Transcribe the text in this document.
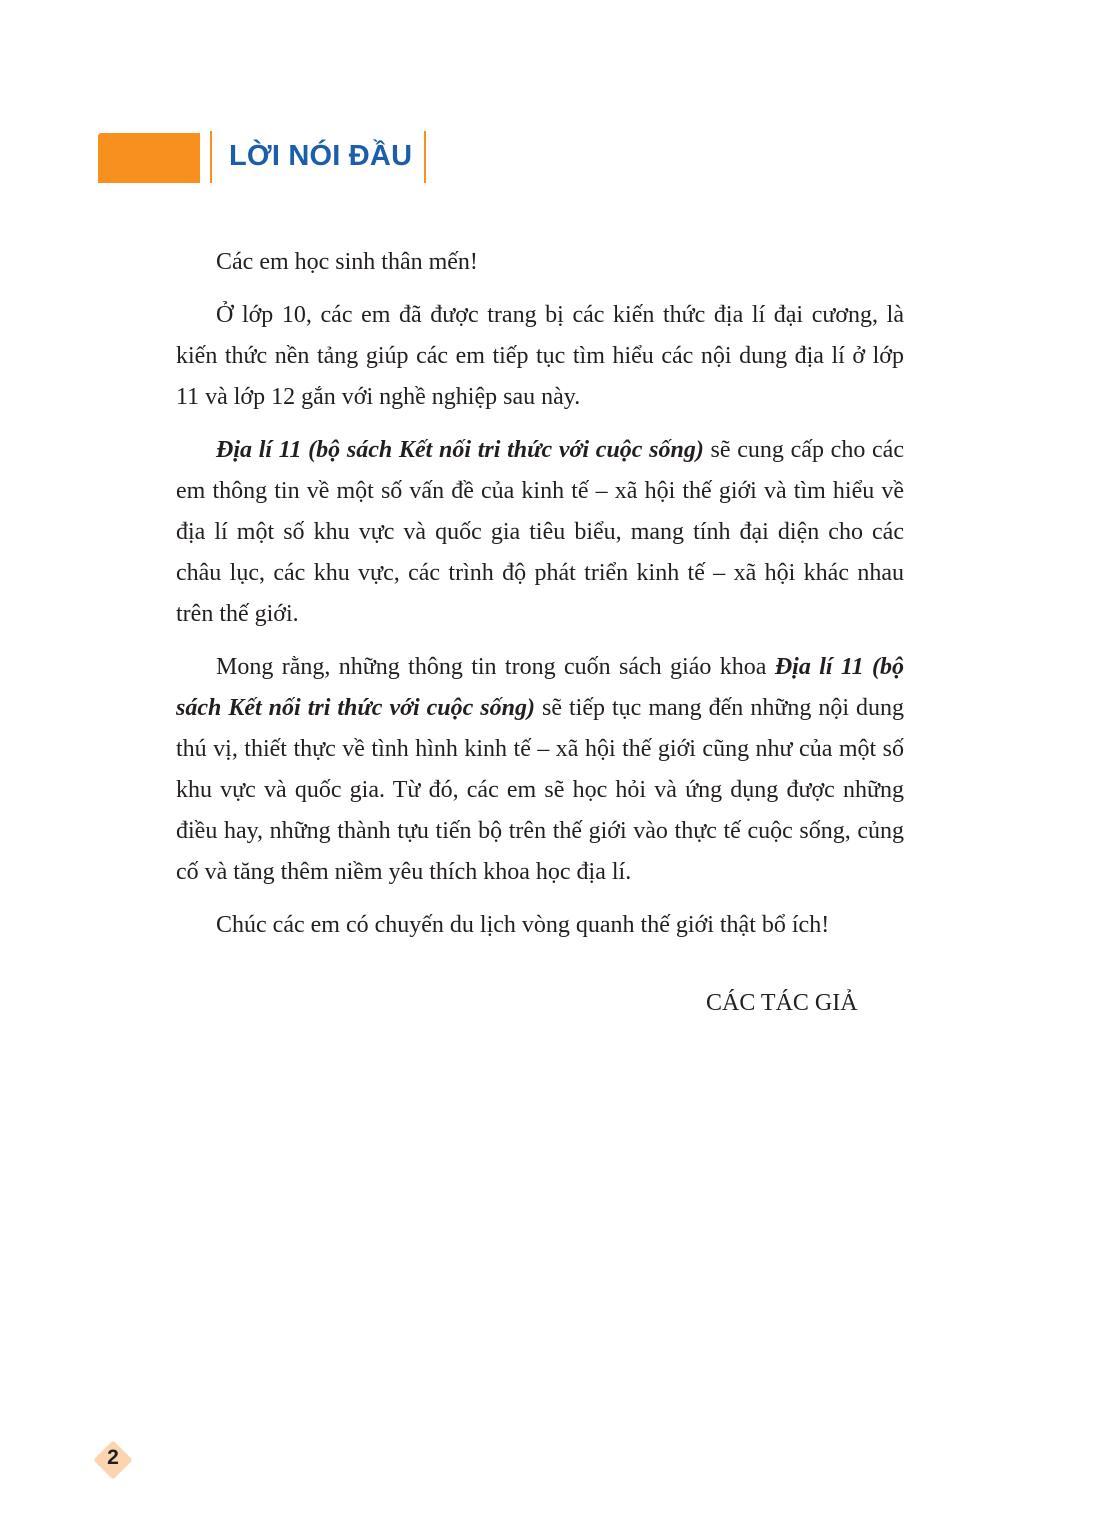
LỜI NÓI ĐẦU

Các em học sinh thân mến!

Ở lớp 10, các em đã được trang bị các kiến thức địa lí đại cương, là kiến thức nền tảng giúp các em tiếp tục tìm hiểu các nội dung địa lí ở lớp 11 và lớp 12 gắn với nghề nghiệp sau này.

Địa lí 11 (bộ sách Kết nối tri thức với cuộc sống) sẽ cung cấp cho các em thông tin về một số vấn đề của kinh tế – xã hội thế giới và tìm hiểu về địa lí một số khu vực và quốc gia tiêu biểu, mang tính đại diện cho các châu lục, các khu vực, các trình độ phát triển kinh tế – xã hội khác nhau trên thế giới.

Mong rằng, những thông tin trong cuốn sách giáo khoa Địa lí 11 (bộ sách Kết nối tri thức với cuộc sống) sẽ tiếp tục mang đến những nội dung thú vị, thiết thực về tình hình kinh tế – xã hội thế giới cũng như của một số khu vực và quốc gia. Từ đó, các em sẽ học hỏi và ứng dụng được những điều hay, những thành tựu tiến bộ trên thế giới vào thực tế cuộc sống, củng cố và tăng thêm niềm yêu thích khoa học địa lí.

Chúc các em có chuyến du lịch vòng quanh thế giới thật bổ ích!

CÁC TÁC GIẢ
2
